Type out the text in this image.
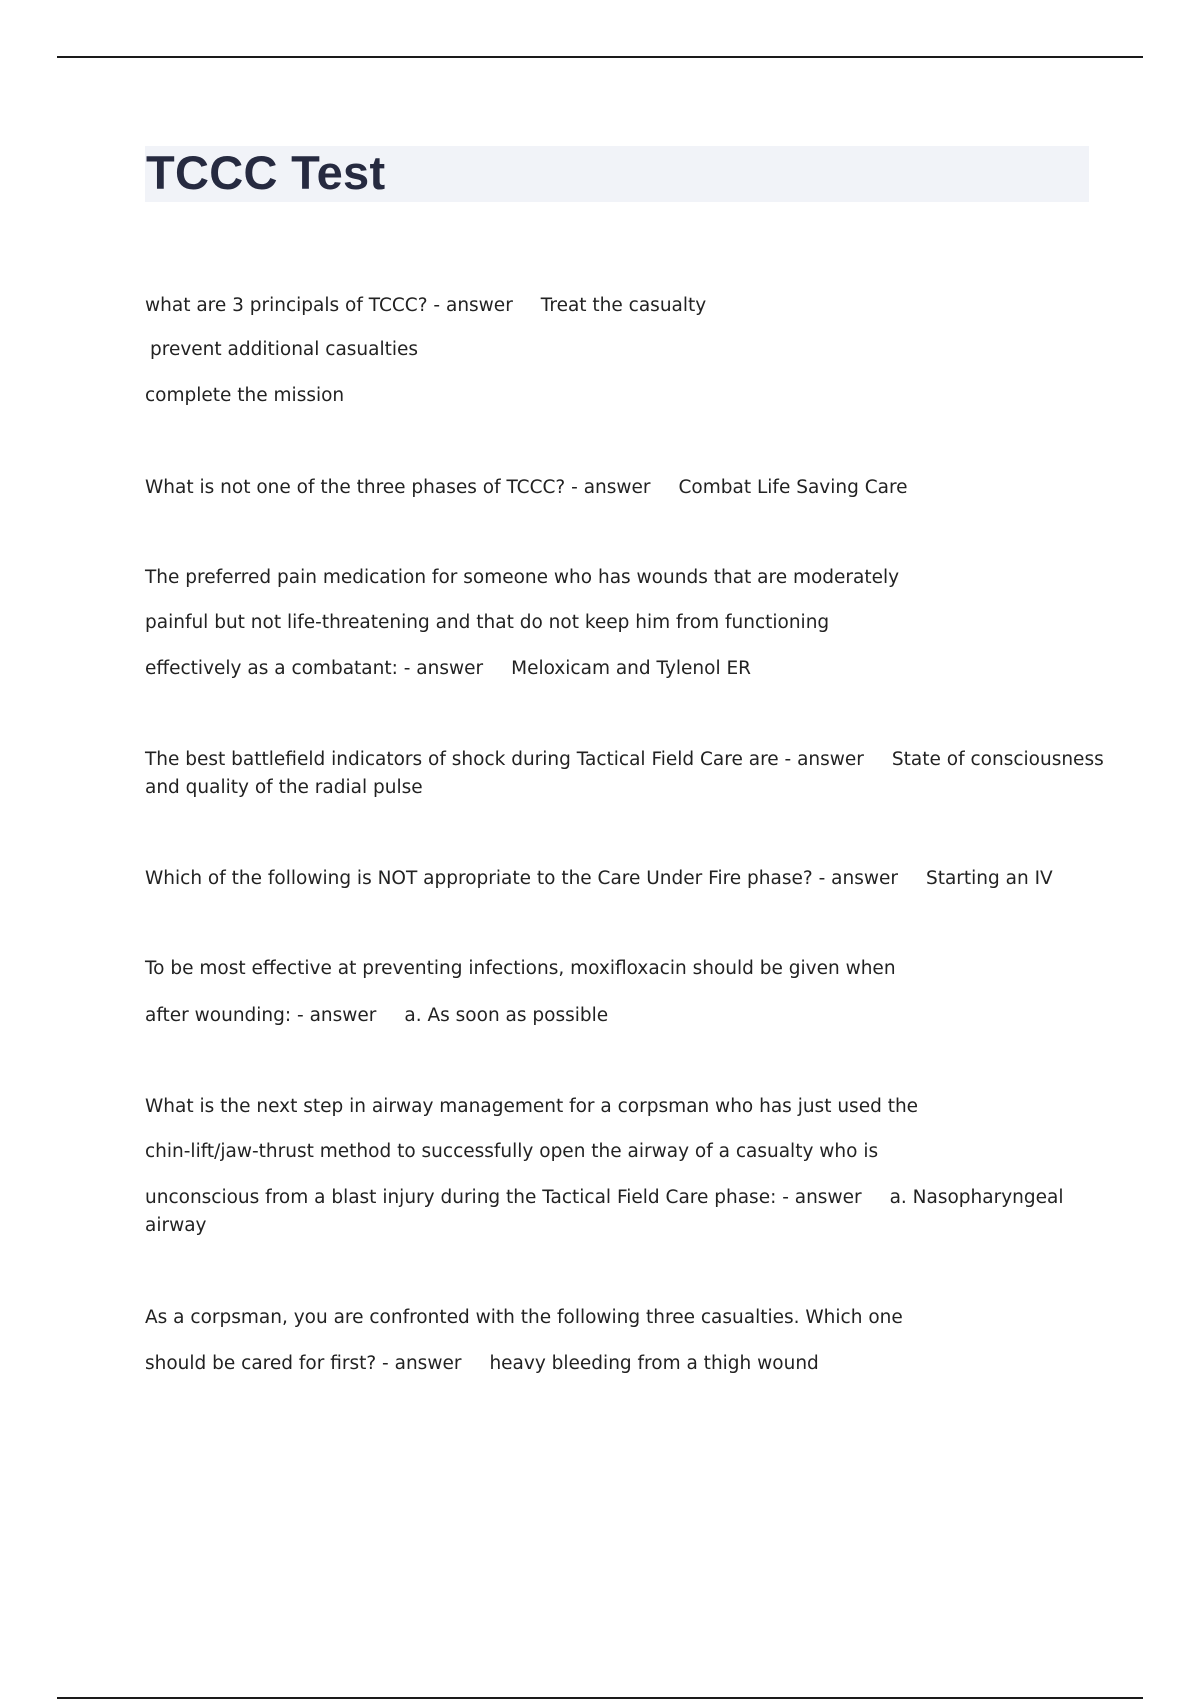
TCCC Test
what are 3 principals of TCCC? - answer Treat the casualty
prevent additional casualties
complete the mission
What is not one of the three phases of TCCC? - answer Combat Life Saving Care
The preferred pain medication for someone who has wounds that are moderately
painful but not life-threatening and that do not keep him from functioning
effectively as a combatant: - answer Meloxicam and Tylenol ER
The best battlefield indicators of shock during Tactical Field Care are - answer State of consciousness
and quality of the radial pulse
Which of the following is NOT appropriate to the Care Under Fire phase? - answer Starting an IV
To be most effective at preventing infections, moxifloxacin should be given when
after wounding: - answer a. As soon as possible
What is the next step in airway management for a corpsman who has just used the
chin-lift/jaw-thrust method to successfully open the airway of a casualty who is
unconscious from a blast injury during the Tactical Field Care phase: - answer a. Nasopharyngeal
airway
As a corpsman, you are confronted with the following three casualties. Which one
should be cared for first? - answer heavy bleeding from a thigh wound
